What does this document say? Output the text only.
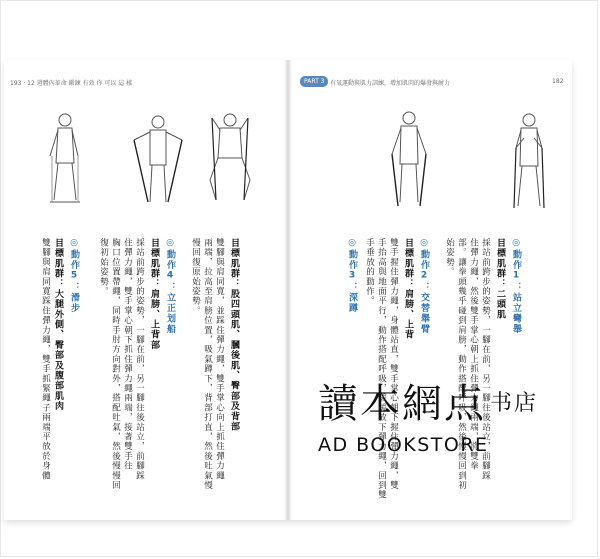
193 · 12 週體內革命 鍛鍊 有效 你 可以 這 樣	PART 3 有氧運動與肌力訓練，增加肌肉的爆發與耐力	182
雙腳與肩同寬踩住彈力繩，雙手抓緊繩子兩端平放於身體 目標肌群：大腿外側、臀部及腹部肌肉 ◎動作5：滑步 復初始姿勢。 胸口位置帶繩，同時手肘方向對外，搭配吐氣，然後慢慢回 住彈力繩，雙手掌心朝下抓住彈力繩兩端，接著雙手往 採站前跨步的姿勢，一腳在前，另一腳往後站立，前腳踩 目標肌群：肩膀、上背部 ◎動作4：立正划船 慢回復原始姿勢。 兩端，拉高至肩膀位置，吸氣蹲下，背部打直，然後吐氣慢 雙腳與肩同寬，並踩住彈力繩，雙手掌心向上抓住彈力繩 目標肌群：股四頭肌、膕後肌、臀部及背部	手垂放的動作。 手抬高與地面平行，動作搭配呼吸，緩緩放下彈力繩，回到雙 雙手握住彈力繩，身體站直，雙手掌心朝下握住彈力繩，雙 目標肌群：肩膀、上背 ◎動作2：交替舉臂 始姿勢。 部。讓拳頭幾乎碰到肩膀，動作搭配呼吸，然後慢慢回到初 住彈力繩，然後雙手掌心朝上抓住彈力繩兩端，將雙拳 採站前跨步的姿勢，一腳在前，另一腳往後站立，前腳踩 目標肌群：二頭肌 ◎動作1：站立彎舉
◎動作3：深蹲
讀本網点 $^{书店}$
AD BOOKSTORE
